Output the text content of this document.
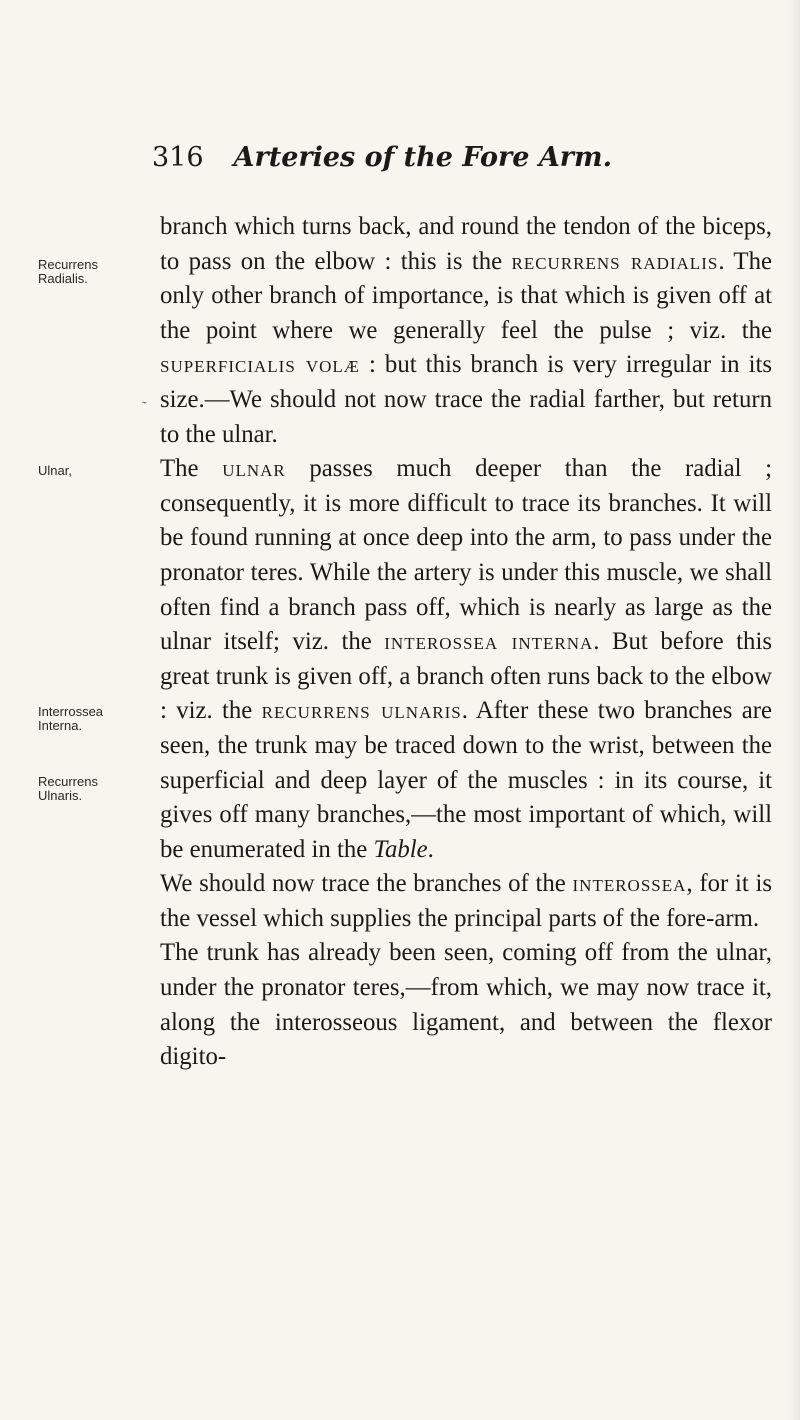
316 Arteries of the Fore Arm.
Recurrens
Radialis.
˜
Ulnar,
Interrossea
Interna.
Recurrens
Ulnaris.

branch which turns back, and round the tendon of the biceps, to pass on the elbow : this is the recurrens radialis. The only other branch of importance, is that which is given off at the point where we generally feel the pulse ; viz. the superficialis volæ : but this branch is very irregular in its size.—We should not now trace the radial farther, but return to the ulnar.

The ulnar passes much deeper than the radial ; consequently, it is more difficult to trace its branches. It will be found running at once deep into the arm, to pass under the pronator teres. While the artery is under this muscle, we shall often find a branch pass off, which is nearly as large as the ulnar itself; viz. the interossea interna. But before this great trunk is given off, a branch often runs back to the elbow : viz. the recurrens ulnaris. After these two branches are seen, the trunk may be traced down to the wrist, between the superficial and deep layer of the muscles : in its course, it gives off many branches,—the most important of which, will be enumerated in the Table.

We should now trace the branches of the interossea, for it is the vessel which supplies the principal parts of the fore-arm.

The trunk has already been seen, coming off from the ulnar, under the pronator teres,—from which, we may now trace it, along the interosseous ligament, and between the flexor digito-
